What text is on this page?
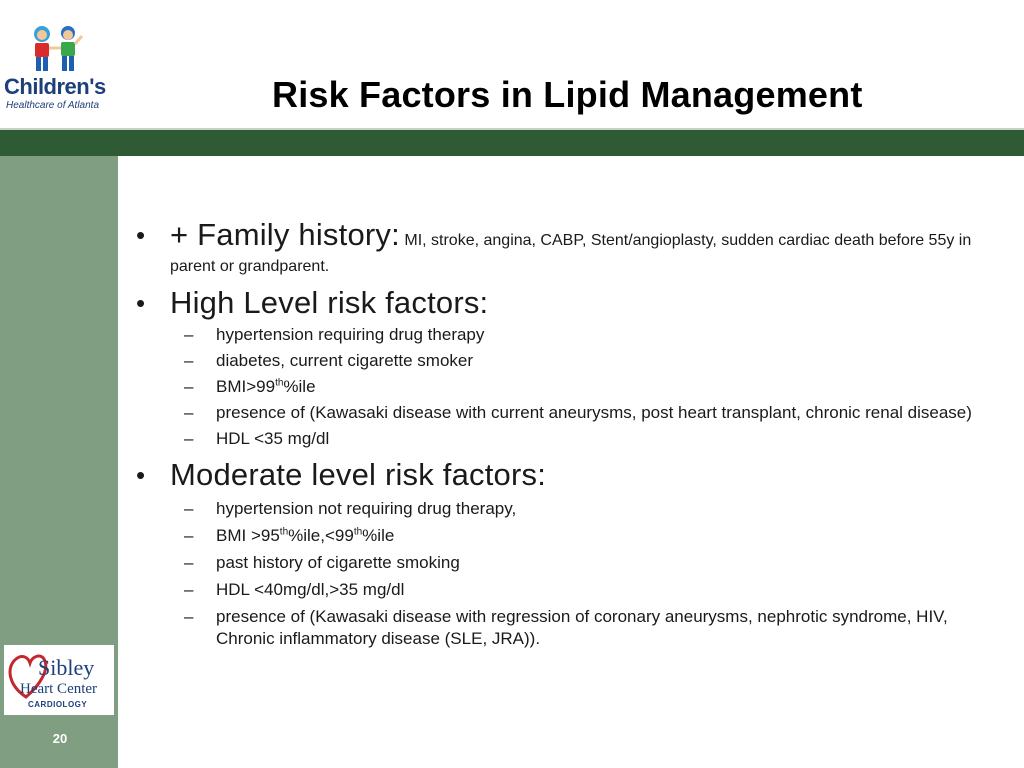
Children's
Healthcare of Atlanta	Risk Factors in Lipid Management
Sibley
Heart Center
CARDIOLOGY
20
• + Family history: MI, stroke, angina, CABP, Stent/angioplasty, sudden cardiac death before 55y in parent or grandparent.
• High Level risk factors:
– hypertension requiring drug therapy
– diabetes, current cigarette smoker
– BMI>99th%ile
– presence of (Kawasaki disease with current aneurysms, post heart transplant, chronic renal disease)
– HDL <35 mg/dl
• Moderate level risk factors:
– hypertension not requiring drug therapy,
– BMI >95th%ile,<99th%ile
– past history of cigarette smoking
– HDL <40mg/dl,>35 mg/dl
– presence of (Kawasaki disease with regression of coronary aneurysms, nephrotic syndrome, HIV, Chronic inflammatory disease (SLE, JRA)).
